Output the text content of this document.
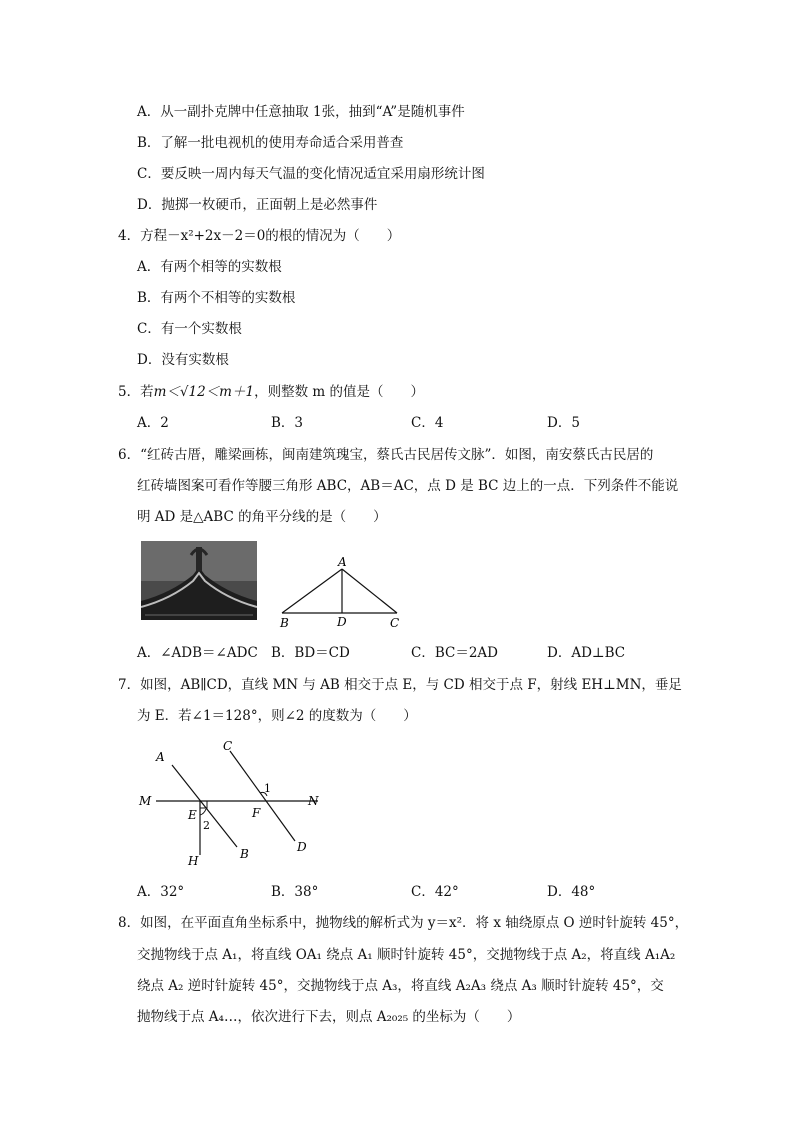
A．从一副扑克牌中任意抽取 1张，抽到“A”是随机事件
B．了解一批电视机的使用寿命适合采用普查
C．要反映一周内每天气温的变化情况适宜采用扇形统计图
D．抛掷一枚硬币，正面朝上是必然事件
4．方程－x²+2x－2＝0的根的情况为（　　）
A．有两个相等的实数根
B．有两个不相等的实数根
C．有一个实数根
D．没有实数根
5．若m＜√12＜m＋1，则整数 m 的值是（　　）
A．2	B．3	C．4	D．5
6．“红砖古厝，雕梁画栋，闽南建筑瑰宝，蔡氏古民居传文脉”．如图，南安蔡氏古民居的
红砖墙图案可看作等腰三角形 ABC，AB＝AC，点 D 是 BC 边上的一点．下列条件不能说
明 AD 是△ABC 的角平分线的是（　　）
A
B	D	C
A．∠ADB＝∠ADC B．BD＝CD	C．BC＝2AD	D．AD⊥BC
7．如图，AB∥CD，直线 MN 与 AB 相交于点 E，与 CD 相交于点 F，射线 EH⊥MN，垂足
为 E．若∠1＝128°，则∠2 的度数为（　　）
A
C
M	N
1
E	F
2
H	B	D
A．32°	B．38°	C．42°	D．48°
8．如图，在平面直角坐标系中，抛物线的解析式为 y＝x²．将 x 轴绕原点 O 逆时针旋转 45°，
交抛物线于点 A₁，将直线 OA₁ 绕点 A₁ 顺时针旋转 45°，交抛物线于点 A₂，将直线 A₁A₂
绕点 A₂ 逆时针旋转 45°，交抛物线于点 A₃，将直线 A₂A₃ 绕点 A₃ 顺时针旋转 45°，交
抛物线于点 A₄…，依次进行下去，则点 A₂₀₂₅ 的坐标为（　　）
